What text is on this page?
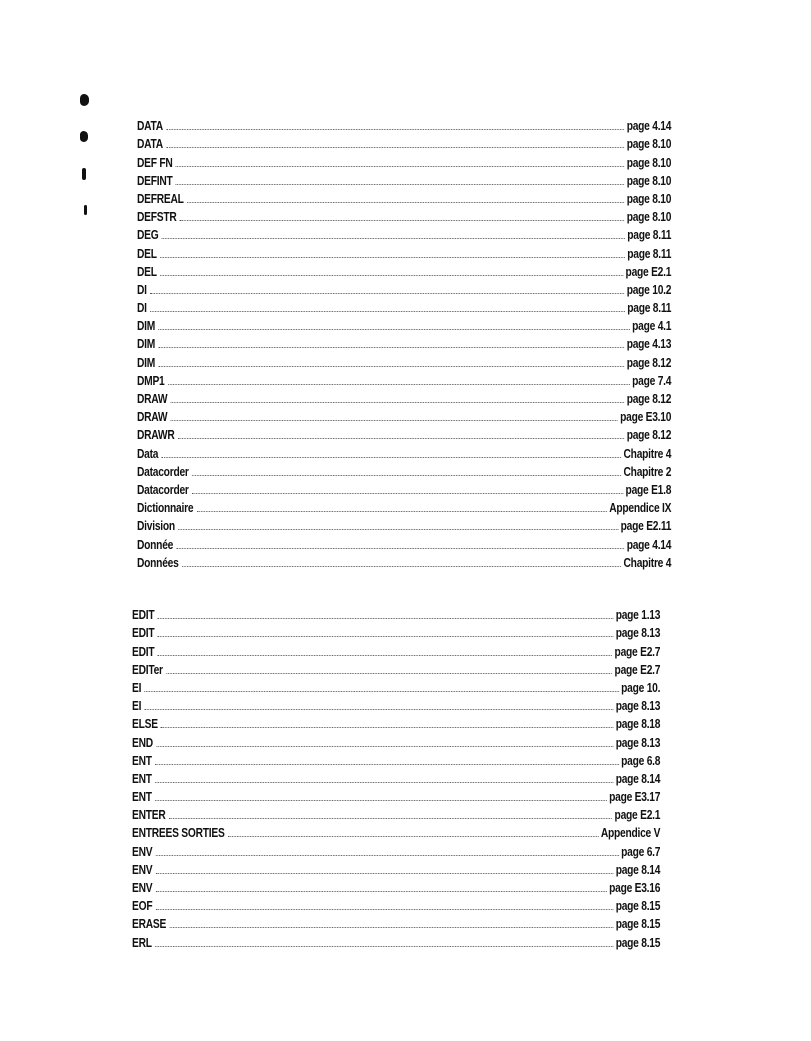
DATA	page 4.14
DATA	page 8.10
DEF FN	page 8.10
DEFINT	page 8.10
DEFREAL	page 8.10
DEFSTR	page 8.10
DEG	page 8.11
DEL	page 8.11
DEL	page E2.1
DI	page 10.2
DI	page 8.11
DIM	page 4.1
DIM	page 4.13
DIM	page 8.12
DMP1	page 7.4
DRAW	page 8.12
DRAW	page E3.10
DRAWR	page 8.12
Data	Chapitre 4
Datacorder	Chapitre 2
Datacorder	page E1.8
Dictionnaire	Appendice IX
Division	page E2.11
Donnée	page 4.14
Données	Chapitre 4
EDIT	page 1.13
EDIT	page 8.13
EDIT	page E2.7
EDITer	page E2.7
EI	page 10.
EI	page 8.13
ELSE	page 8.18
END	page 8.13
ENT	page 6.8
ENT	page 8.14
ENT	page E3.17
ENTER	page E2.1
ENTREES SORTIES	Appendice V
ENV	page 6.7
ENV	page 8.14
ENV	page E3.16
EOF	page 8.15
ERASE	page 8.15
ERL	page 8.15
